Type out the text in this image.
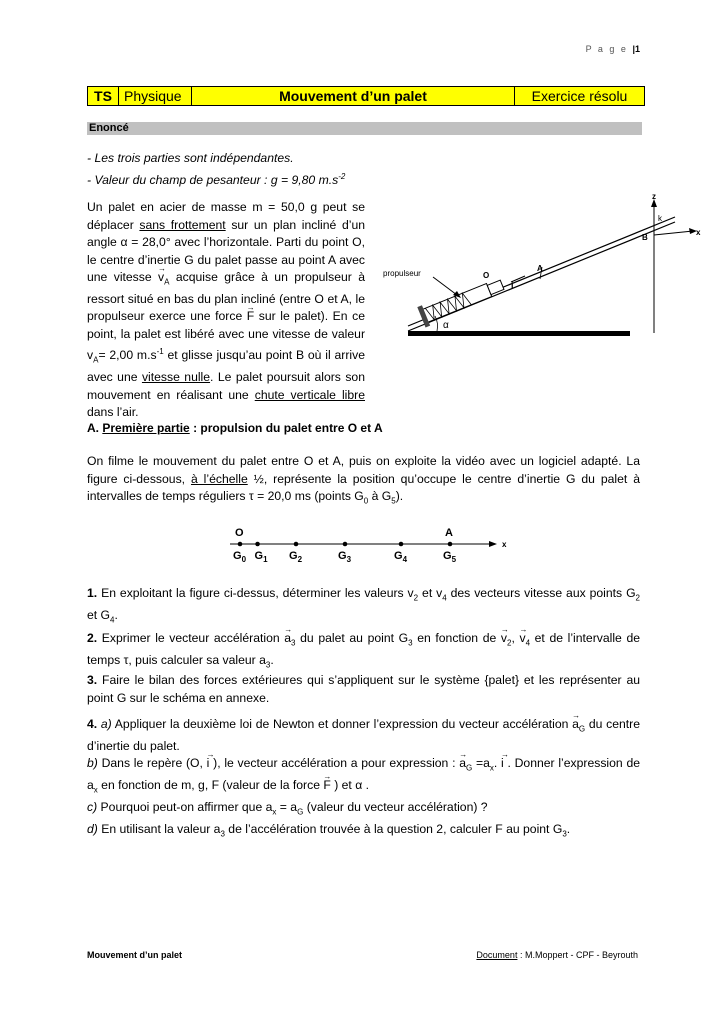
P a g e |1
TS Physique	Mouvement d’un palet	Exercice résolu
Enoncé
- Les trois parties sont indépendantes.
- Valeur du champ de pesanteur : g = 9,80 $m.s^{-2}$
Un palet en acier de masse m = 50,0 g peut se déplacer sans frottement sur un plan incliné d’un angle α = 28,0° avec l’horizontale. Parti du point O, le centre d’inertie G du palet passe au point A avec une vitesse → $v_A$ acquise grâce à un propulseur à ressort situé en bas du plan incliné (entre O et A, le propulseur exerce une force → F sur le palet). En ce point, la palet est libéré avec une vitesse de valeur $v_A= 2,00$ $m.s^{-1}$ et glisse jusqu’au point B où il arrive avec une vitesse nulle. Le palet poursuit alors son mouvement en réalisant une chute verticale libre dans l’air.
z
k
x
B
A
O
i
propulseur
α
A. Première partie : propulsion du palet entre O et A
On filme le mouvement du palet entre O et A, puis on exploite la vidéo avec un logiciel adapté. La figure ci-dessous, à l’échelle ½, représente la position qu’occupe le centre d’inertie G du palet à intervalles de temps réguliers τ = 20,0 ms (points $G_0$ à $G_5$).
O	A
x
$G_0$ $G_1$ $G_2$	$G_3$	$G_4$	$G_5$
1. En exploitant la figure ci-dessus, déterminer les valeurs $v_2$ et $v_4$ des vecteurs vitesse aux points $G_2$ et $G_4$.
2. Exprimer le vecteur accélération → $a_3$ du palet au point $G_3$ en fonction de → $v_2$, → $v_4$ et de l’intervalle de temps τ, puis calculer sa valeur $a_3$.
3. Faire le bilan des forces extérieures qui s’appliquent sur le système {palet} et les représenter au point G sur le schéma en annexe.
4. a) Appliquer la deuxième loi de Newton et donner l’expression du vecteur accélération → $a_G$ du centre d’inertie du palet.
b) Dans le repère (O, → i ), le vecteur accélération a pour expression : → $a_G =a_x$. → i . Donner l’expression de $a_x$ en fonction de m, g, F (valeur de la force → F ) et α .
c) Pourquoi peut-on affirmer que $a_x = a_G$ (valeur du vecteur accélération) ?
d) En utilisant la valeur $a_3$ de l’accélération trouvée à la question 2, calculer F au point $G_3$.
Mouvement d’un palet	Document : M.Moppert - CPF - Beyrouth
